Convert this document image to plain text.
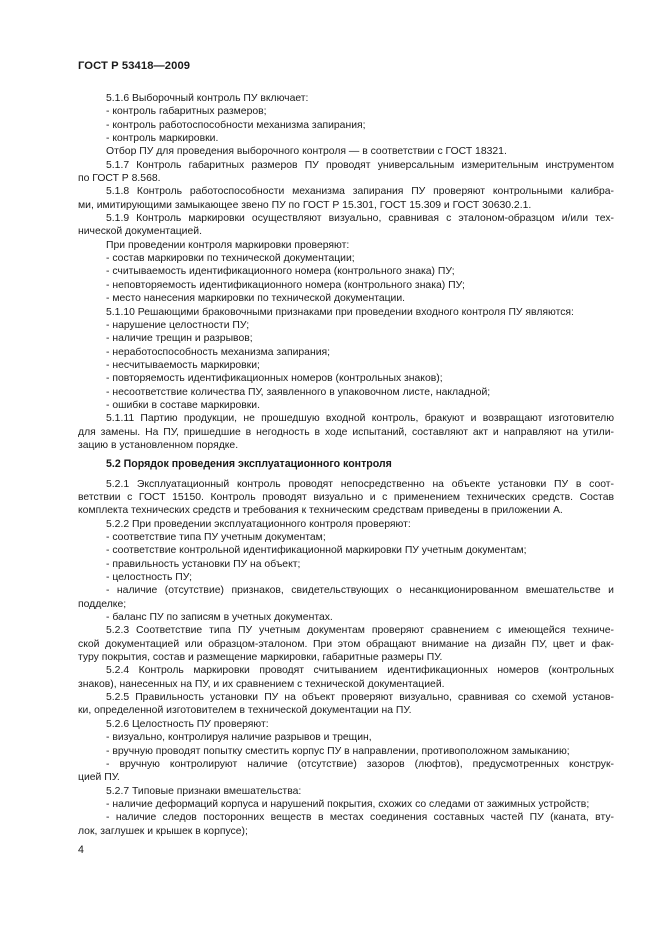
ГОСТ Р 53418—2009
5.1.6 Выборочный контроль ПУ включает:
- контроль габаритных размеров;
- контроль работоспособности механизма запирания;
- контроль маркировки.
Отбор ПУ для проведения выборочного контроля — в соответствии с ГОСТ 18321.
5.1.7 Контроль габаритных размеров ПУ проводят универсальным измерительным инструментом
по ГОСТ Р 8.568.
5.1.8 Контроль работоспособности механизма запирания ПУ проверяют контрольными калибра-
ми, имитирующими замыкающее звено ПУ по ГОСТ Р 15.301, ГОСТ 15.309 и ГОСТ 30630.2.1.
5.1.9 Контроль маркировки осуществляют визуально, сравнивая с эталоном-образцом и/или тех-
нической документацией.
При проведении контроля маркировки проверяют:
- состав маркировки по технической документации;
- считываемость идентификационного номера (контрольного знака) ПУ;
- неповторяемость идентификационного номера (контрольного знака) ПУ;
- место нанесения маркировки по технической документации.
5.1.10 Решающими браковочными признаками при проведении входного контроля ПУ являются:
- нарушение целостности ПУ;
- наличие трещин и разрывов;
- неработоспособность механизма запирания;
- несчитываемость маркировки;
- повторяемость идентификационных номеров (контрольных знаков);
- несоответствие количества ПУ, заявленного в упаковочном листе, накладной;
- ошибки в составе маркировки.
5.1.11 Партию продукции, не прошедшую входной контроль, бракуют и возвращают изготовителю
для замены. На ПУ, пришедшие в негодность в ходе испытаний, составляют акт и направляют на утили-
зацию в установленном порядке.
5.2 Порядок проведения эксплуатационного контроля
5.2.1 Эксплуатационный контроль проводят непосредственно на объекте установки ПУ в соот-
ветствии с ГОСТ 15150. Контроль проводят визуально и с применением технических средств. Состав
комплекта технических средств и требования к техническим средствам приведены в приложении А.
5.2.2 При проведении эксплуатационного контроля проверяют:
- соответствие типа ПУ учетным документам;
- соответствие контрольной идентификационной маркировки ПУ учетным документам;
- правильность установки ПУ на объект;
- целостность ПУ;
- наличие (отсутствие) признаков, свидетельствующих о несанкционированном вмешательстве и
подделке;
- баланс ПУ по записям в учетных документах.
5.2.3 Соответствие типа ПУ учетным документам проверяют сравнением с имеющейся техниче-
ской документацией или образцом-эталоном. При этом обращают внимание на дизайн ПУ, цвет и фак-
туру покрытия, состав и размещение маркировки, габаритные размеры ПУ.
5.2.4 Контроль маркировки проводят считыванием идентификационных номеров (контрольных
знаков), нанесенных на ПУ, и их сравнением с технической документацией.
5.2.5 Правильность установки ПУ на объект проверяют визуально, сравнивая со схемой установ-
ки, определенной изготовителем в технической документации на ПУ.
5.2.6 Целостность ПУ проверяют:
- визуально, контролируя наличие разрывов и трещин,
- вручную проводят попытку сместить корпус ПУ в направлении, противоположном замыканию;
- вручную контролируют наличие (отсутствие) зазоров (люфтов), предусмотренных конструк-
цией ПУ.
5.2.7 Типовые признаки вмешательства:
- наличие деформаций корпуса и нарушений покрытия, схожих со следами от зажимных устройств;
- наличие следов посторонних веществ в местах соединения составных частей ПУ (каната, вту-
лок, заглушек и крышек в корпусе);
4
